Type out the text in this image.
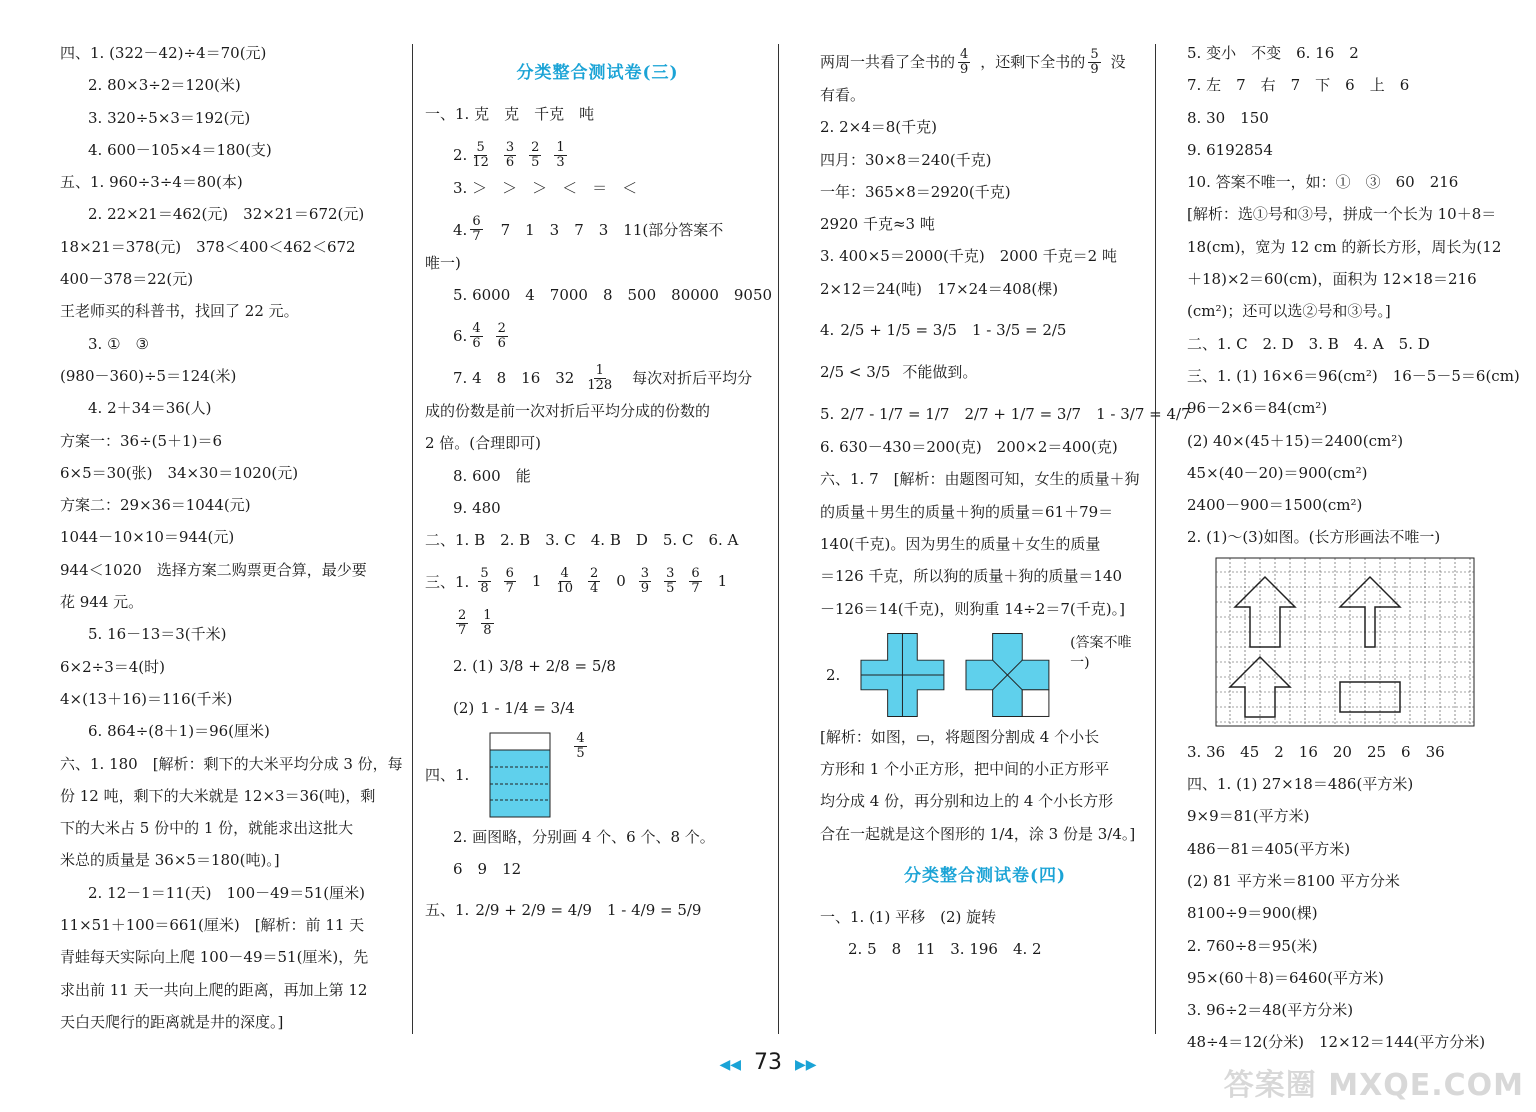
四、1. (322－42)÷4＝70(元)
2. 80×3÷2＝120(米)
3. 320÷5×3＝192(元)
4. 600－105×4＝180(支)
五、1. 960÷3÷4＝80(本)
2. 22×21＝462(元)　32×21＝672(元)
18×21＝378(元)　378＜400＜462＜672
400－378＝22(元)
王老师买的科普书，找回了 22 元。
3. ①　③
(980－360)÷5＝124(米)
4. 2＋34＝36(人)
方案一：36÷(5＋1)＝6
6×5＝30(张)　34×30＝1020(元)
方案二：29×36＝1044(元)
1044－10×10＝944(元)
944＜1020　选择方案二购票更合算，最少要
花 944 元。
5. 16－13＝3(千米)
6×2÷3＝4(时)
4×(13＋16)＝116(千米)
6. 864÷(8＋1)＝96(厘米)
六、1. 180　[解析：剩下的大米平均分成 3 份，每
份 12 吨，剩下的大米就是 12×3＝36(吨)，剩
下的大米占 5 份中的 1 份，就能求出这批大
米总的质量是 36×5＝180(吨)。]
2. 12－1＝11(天)　100－49＝51(厘米)
11×51＋100＝661(厘米)　[解析：前 11 天
青蛙每天实际向上爬 100－49＝51(厘米)，先
求出前 11 天一共向上爬的距离，再加上第 12
天白天爬行的距离就是井的深度。]
分类整合测试卷(三)
一、1. 克　克　千克　吨
2. $\frac{5}{12} \frac{3}{6} \frac{2}{5} \frac{1}{3}$
3. ＞　＞　＞　＜　＝　＜
4. $\frac{6}{7} 7$　1　3　7　3　11(部分答案不
唯一)
5. 6000　4　7000　8　500　80000　9050
6. $\frac{4}{6} \frac{2}{6}$
7. 4　8　16　$32 \frac{1}{128}$ 每次对折后平均分
成的份数是前一次对折后平均分成的份数的
2 倍。(合理即可)
8. 600　能
9. 480
二、1. B　2. B　3. C　4. B　D　5. C　6. A
三、1. $\frac{5}{8} \frac{6}{7} 1 \frac{4}{10} \frac{2}{4} 0 \frac{3}{9} \frac{3}{5} \frac{6}{7} 1$
$\frac{2}{7} \frac{1}{8}$
2. (1) 3/8 + 2/8 = 5/8
(2) 1 - 1/4 = 3/4
四、1.
$\frac{4}{5}$
2. 画图略，分别画 4 个、6 个、8 个。
6　9　12
五、1. 2/9 + 2/9 = 4/9　1 - 4/9 = 5/9
两周一共看了全书的 $\frac{4}{9}$ ，还剩下全书的 $\frac{5}{9}$ 没
有看。
2. 2×4＝8(千克)
四月：30×8＝240(千克)
一年：365×8＝2920(千克)
2920 千克≈3 吨
3. 400×5＝2000(千克)　2000 千克＝2 吨
2×12＝24(吨)　17×24＝408(棵)
4. 2/5 + 1/5 = 3/5　1 - 3/5 = 2/5
2/5 < 3/5 不能做到。
5. 2/7 - 1/7 = 1/7　2/7 + 1/7 = 3/7　1 - 3/7 = 4/7
6. 630－430＝200(克)　200×2＝400(克)
六、1. 7　[解析：由题图可知，女生的质量＋狗
的质量＋男生的质量＋狗的质量＝61＋79＝
140(千克)。因为男生的质量＋女生的质量
＝126 千克，所以狗的质量＋狗的质量＝140
－126＝14(千克)，则狗重 14÷2＝7(千克)。]
2.
(答案不唯一)
[解析：如图，▭，将题图分割成 4 个小长
方形和 1 个小正方形，把中间的小正方形平
均分成 4 份，再分别和边上的 4 个小长方形
合在一起就是这个图形的 1/4，涂 3 份是 3/4。]
分类整合测试卷(四)
一、1. (1) 平移　(2) 旋转
2. 5　8　11　3. 196　4. 2
5. 变小　不变　6. 16　2
7. 左　7　右　7　下　6　上　6
8. 30　150
9. 6192854
10. 答案不唯一，如：①　③　60　216
[解析：选①号和③号，拼成一个长为 10＋8＝
18(cm)，宽为 12 cm 的新长方形，周长为(12
＋18)×2＝60(cm)，面积为 12×18＝216
(cm²)；还可以选②号和③号。]
二、1. C　2. D　3. B　4. A　5. D
三、1. (1) 16×6＝96(cm²)　16－5－5＝6(cm)
96－2×6＝84(cm²)
(2) 40×(45＋15)＝2400(cm²)
45×(40－20)＝900(cm²)
2400－900＝1500(cm²)
2. (1)～(3)如图。(长方形画法不唯一)
3. 36　45　2　16　20　25　6　36
四、1. (1) 27×18＝486(平方米)
9×9＝81(平方米)
486－81＝405(平方米)
(2) 81 平方米＝8100 平方分米
8100÷9＝900(棵)
2. 760÷8＝95(米)
95×(60＋8)＝6460(平方米)
3. 96÷2＝48(平方分米)
48÷4＝12(分米)　12×12＝144(平方分米)
◀◀ 73 ▶▶
答案圈 MXQE.COM
